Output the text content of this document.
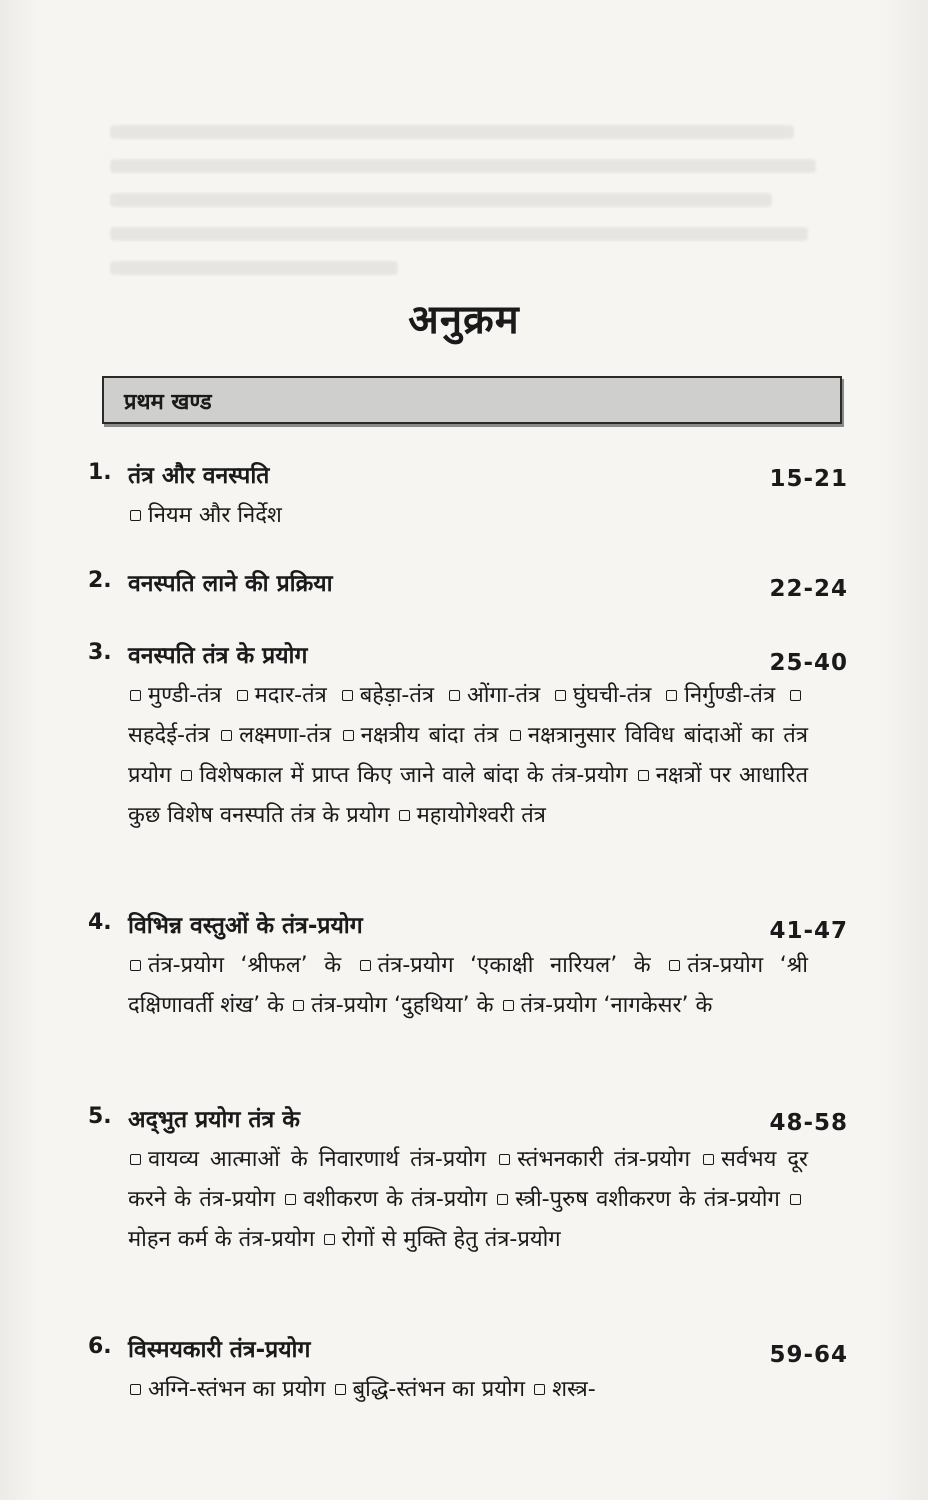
अनुक्रम
प्रथम खण्ड
1. तंत्र और वनस्पति	15-21

नियम और निर्देश

2. वनस्पति लाने की प्रक्रिया	22-24
3. वनस्पति तंत्र के प्रयोग	25-40
मुण्डी-तंत्र मदार-तंत्र बहेड़ा-तंत्र ओंगा-तंत्र घुंघची-तंत्र निर्गुण्डी-तंत्र सहदेई-तंत्र लक्ष्मणा-तंत्र नक्षत्रीय बांदा तंत्र नक्षत्रानुसार विविध बांदाओं का तंत्र प्रयोग विशेषकाल में प्राप्त किए जाने वाले बांदा के तंत्र-प्रयोग नक्षत्रों पर आधारित कुछ विशेष वनस्पति तंत्र के प्रयोग महायोगेश्वरी तंत्र
4. विभिन्न वस्तुओं के तंत्र-प्रयोग	41-47
तंत्र-प्रयोग ‘श्रीफल’ के तंत्र-प्रयोग ‘एकाक्षी नारियल’ के तंत्र-प्रयोग ‘श्री दक्षिणावर्ती शंख’ के तंत्र-प्रयोग ‘दुहथिया’ के तंत्र-प्रयोग ‘नागकेसर’ के
5. अद्‌भुत प्रयोग तंत्र के	48-58
वायव्य आत्माओं के निवारणार्थ तंत्र-प्रयोग स्तंभनकारी तंत्र-प्रयोग सर्वभय दूर करने के तंत्र-प्रयोग वशीकरण के तंत्र-प्रयोग स्त्री-पुरुष वशीकरण के तंत्र-प्रयोग मोहन कर्म के तंत्र-प्रयोग रोगों से मुक्ति हेतु तंत्र-प्रयोग
6. विस्मयकारी तंत्र-प्रयोग	59-64
अग्नि-स्तंभन का प्रयोग बुद्धि-स्तंभन का प्रयोग शस्त्र-
